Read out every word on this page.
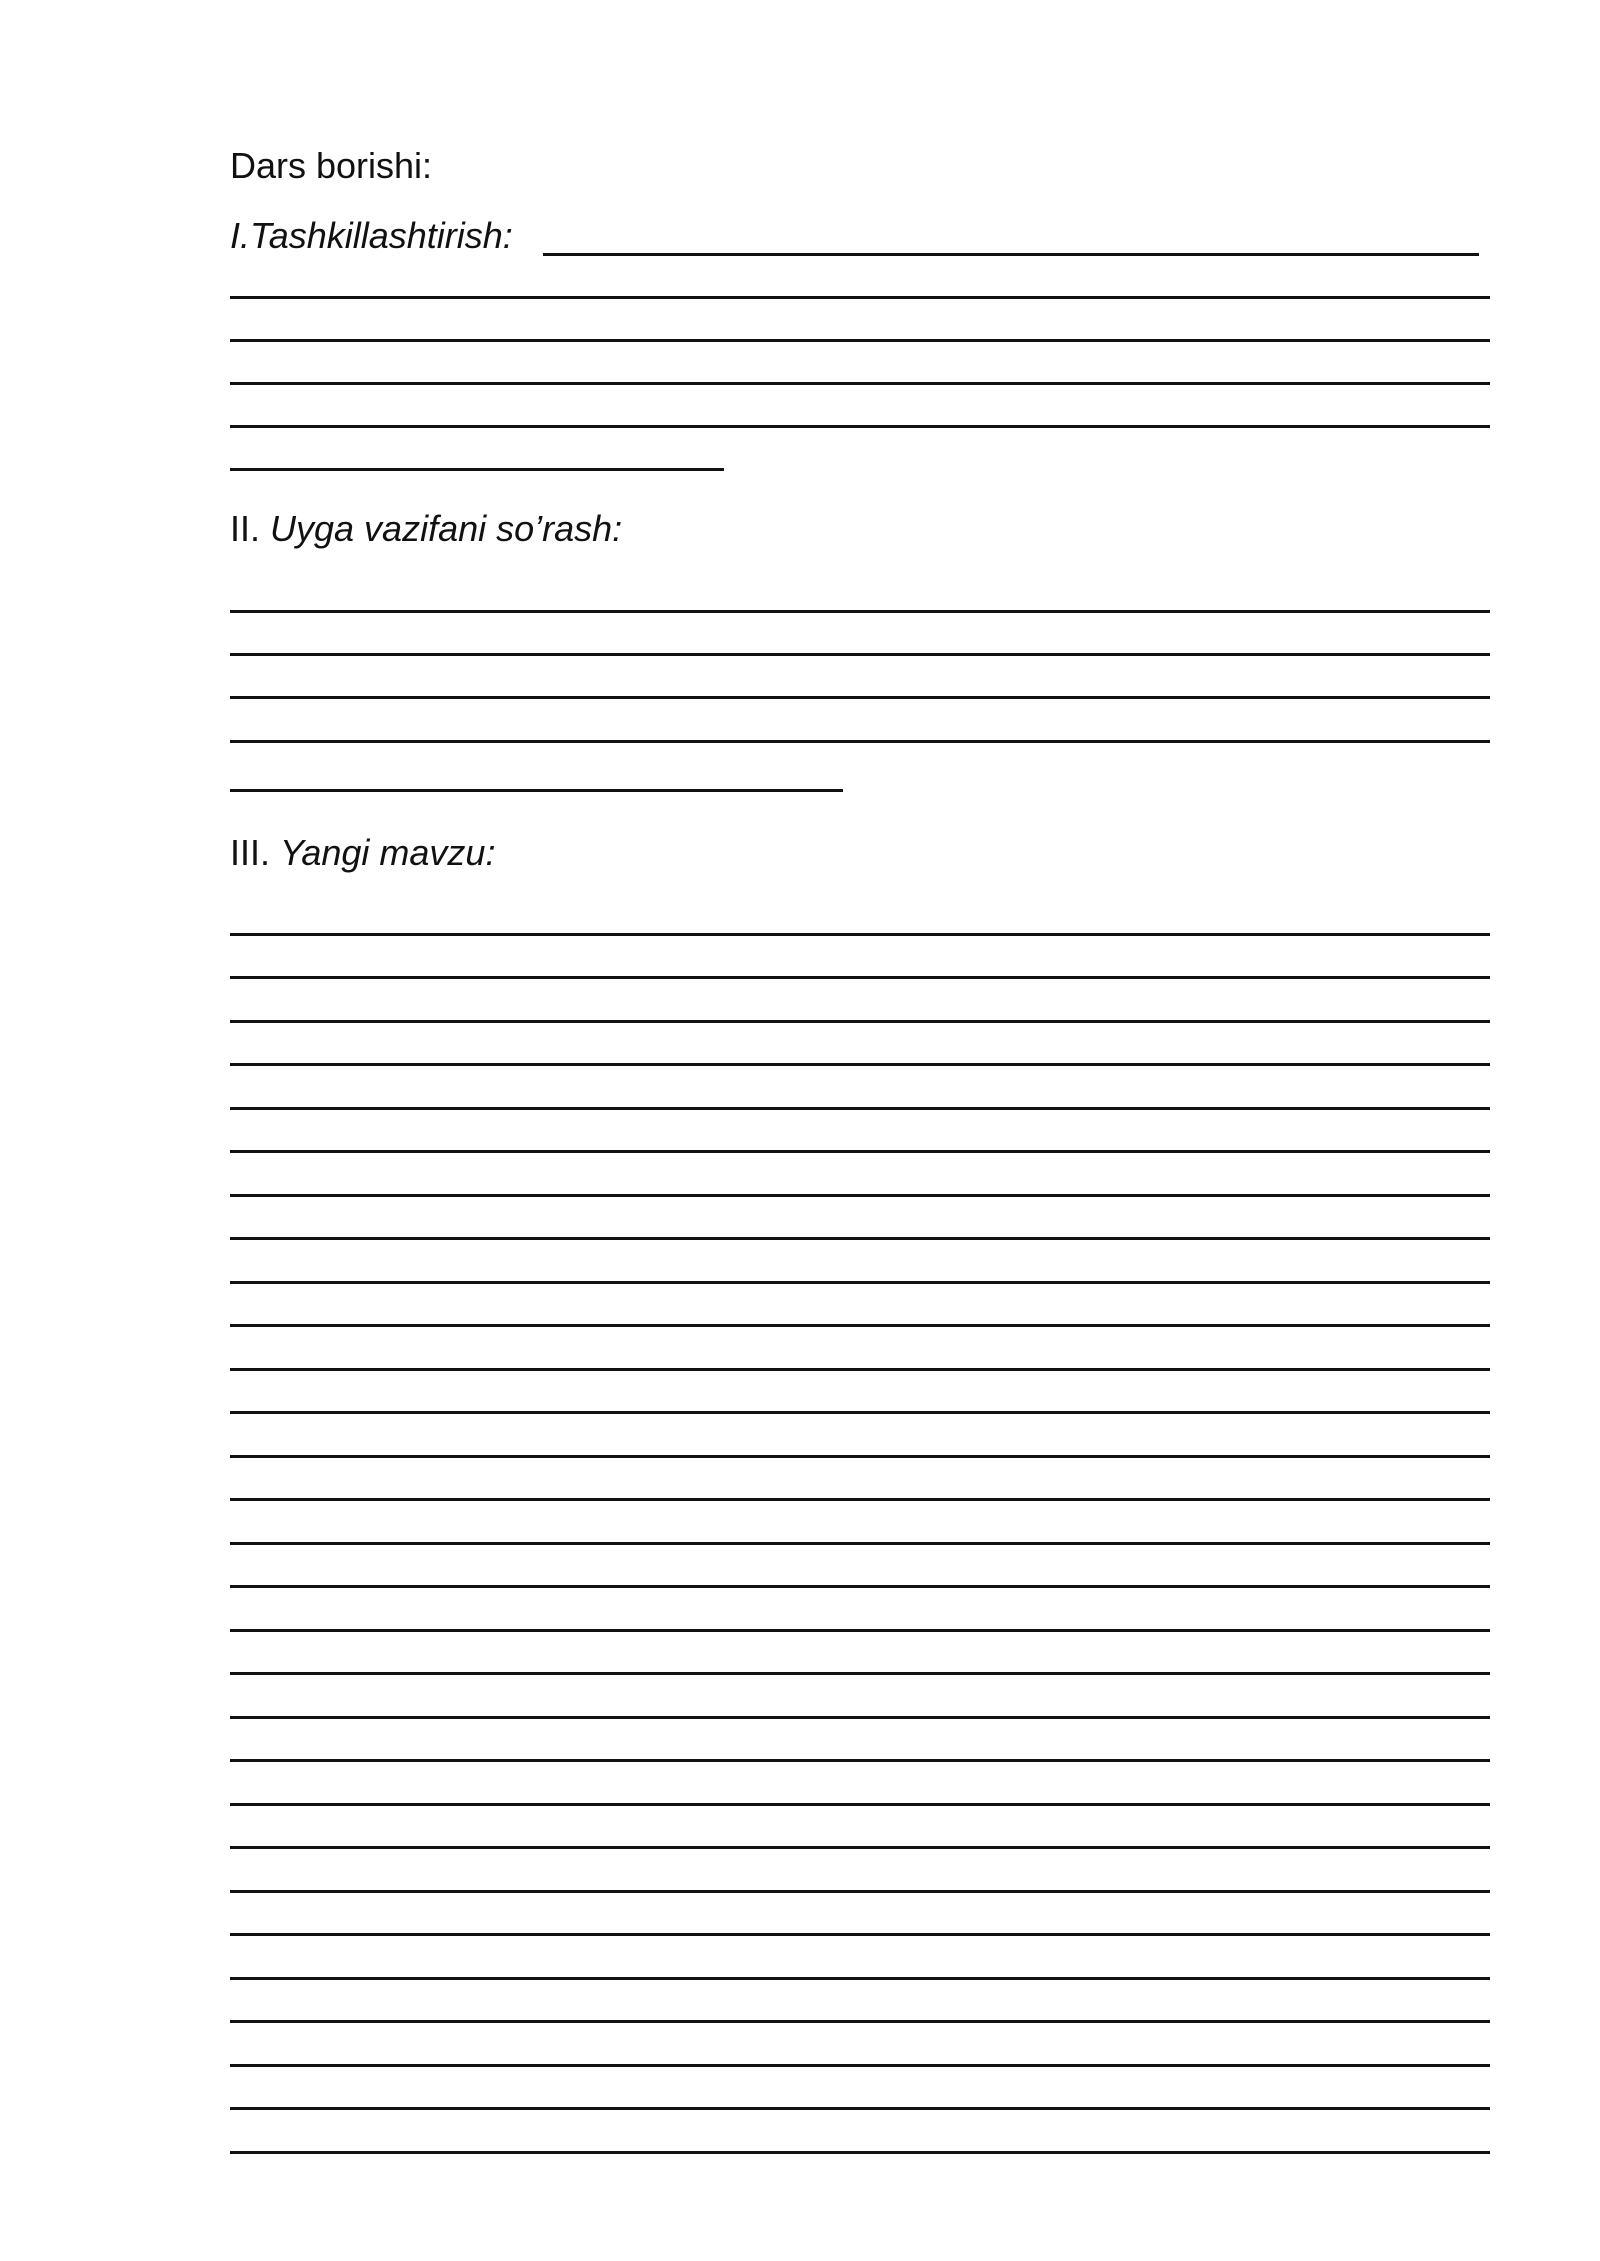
Dars borishi:
I.Tashkillashtirish:
II. Uyga vazifani so’rash:
III. Yangi mavzu:
